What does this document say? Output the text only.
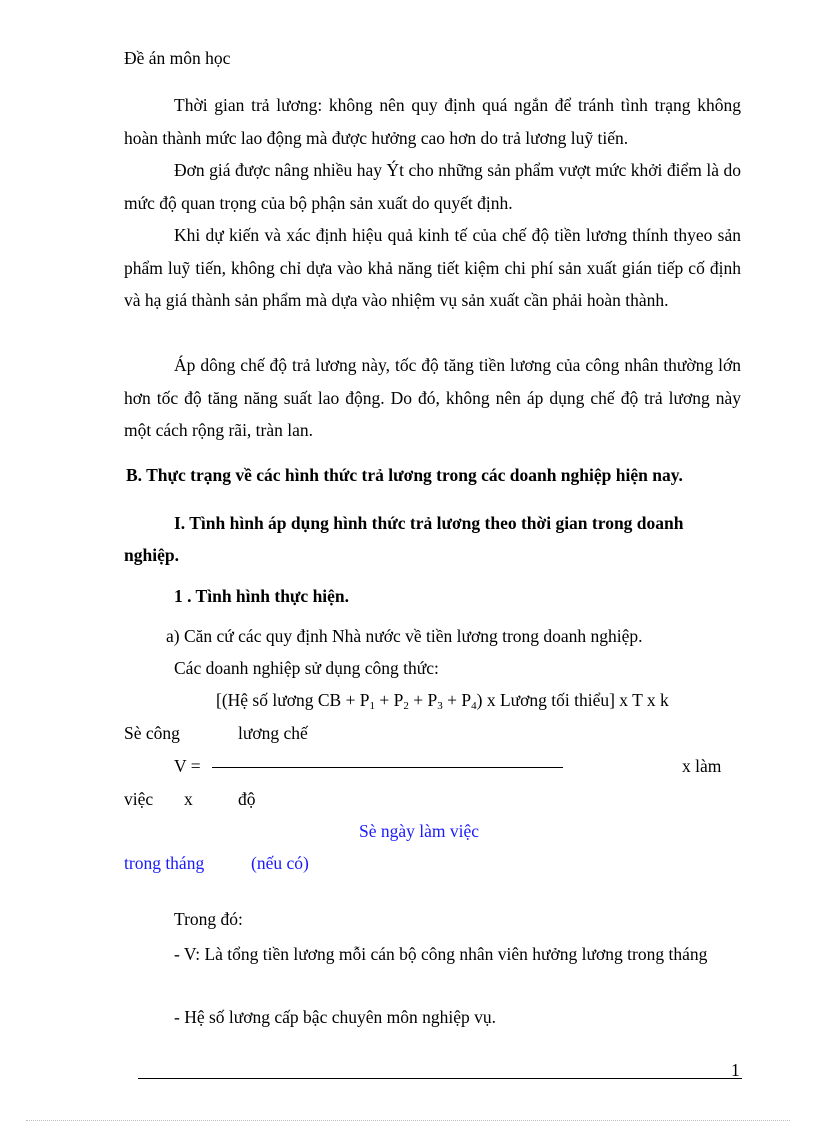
Đề án môn học
Thời gian trả lương: không nên quy định quá ngắn để tránh tình trạng không hoàn thành mức lao động mà được hưởng cao hơn do trả lương luỹ tiến.
Đơn giá được nâng nhiều hay Ýt cho những sản phẩm vượt mức khởi điểm là do mức độ quan trọng của bộ phận sản xuất do quyết định.
Khi dự kiến và xác định hiệu quả kinh tế của chế độ tiền lương thính thyeo sản phẩm luỹ tiến, không chỉ dựa vào khả năng tiết kiệm chi phí sản xuất gián tiếp cố định và hạ giá thành sản phẩm mà dựa vào nhiệm vụ sản xuất cần phải hoàn thành.
Áp dông chế độ trả lương này, tốc độ tăng tiền lương của công nhân thường lớn hơn tốc độ tăng năng suất lao động. Do đó, không nên áp dụng chế độ trả lương này một cách rộng rãi, tràn lan.
B. Thực trạng về các hình thức trả lương trong các doanh nghiệp hiện nay.
I. Tình hình áp dụng hình thức trả lương theo thời gian trong doanh
nghiệp.
1 . Tình hình thực hiện.
a) Căn cứ các quy định Nhà nước về tiền lương trong doanh nghiệp.
Các doanh nghiệp sử dụng công thức:
[(Hệ số lương CB + $P_1 + P_2 + P_3 + P_4$) x Lương tối thiểu] x T x k
Sè công	lương chế
V =	x làm
việc x	độ
Sè ngày làm việc
trong tháng	(nếu có)
Trong đó:
- V: Là tổng tiền lương mỗi cán bộ công nhân viên hưởng lương trong tháng
- Hệ số lương cấp bậc chuyên môn nghiệp vụ.
1
